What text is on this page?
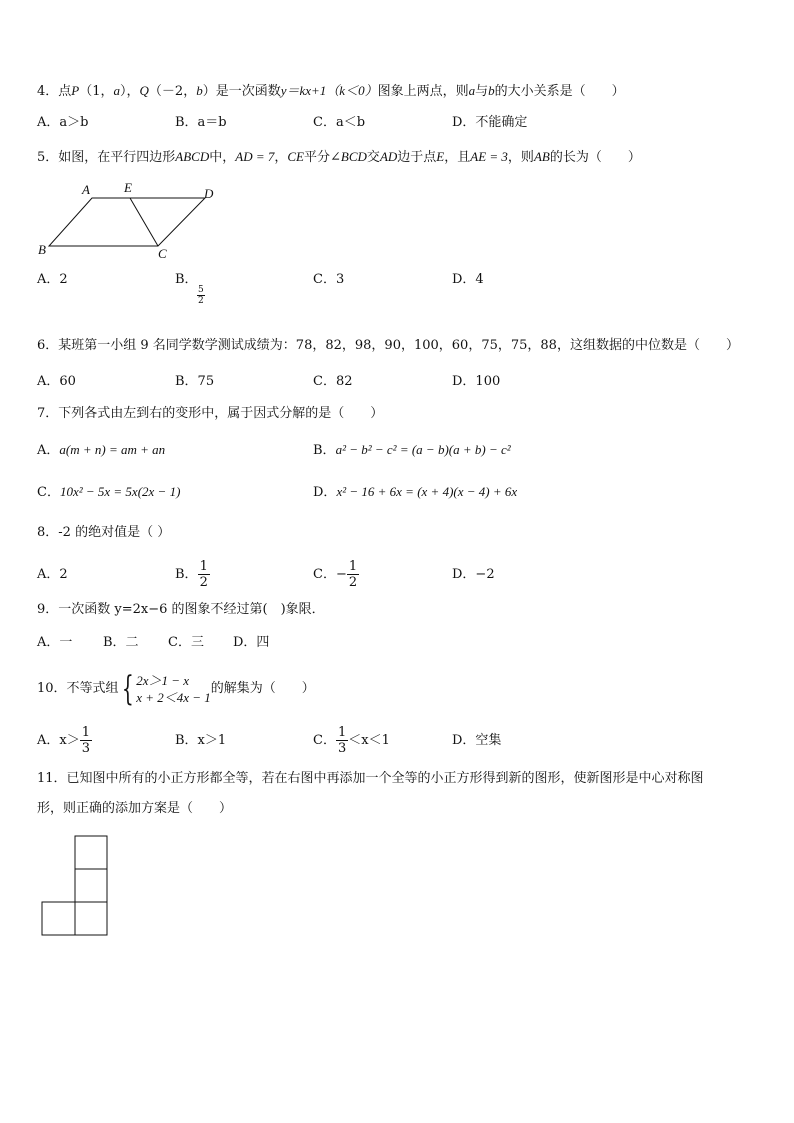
4．点P（1，a），Q（－2，b）是一次函数y＝kx+1（k＜0）图象上两点，则a与b的大小关系是（　　）
A．a＞b	B．a＝b	C．a＜b	D．不能确定
5．如图，在平行四边形ABCD中，AD = 7，CE平分∠BCD交AD边于点E，且AE = 3，则AB的长为（　　）
A	E	D
B	C
A．2	B．
$\frac{5}{2}$
C．3	D．4
6．某班第一小组 9 名同学数学测试成绩为：78，82，98，90，100，60，75，75，88，这组数据的中位数是（　　）
A．60	B．75	C．82	D．100
7．下列各式由左到右的变形中，属于因式分解的是（　　）
A．a(m + n) = am + an	B．a² − b² − c² = (a − b)(a + b) − c²
C．10x² − 5x = 5x(2x − 1)	D．x² − 16 + 6x = (x + 4)(x − 4) + 6x
8．-2 的绝对值是（ ）
A．2	B． $\frac{1}{2}$	C．− $\frac{1}{2}$	D．−2
9．一次函数 y=2x−6 的图象不经过第(　)象限．
A．一 B．二 C．三 D．四
10．不等式组{ 2x＞1 − x
x + 2＜4x − 1
的解集为（　　）
A．$x> \frac{1}{3}$	B．x＞1	C． $\frac{1}{3} <x<1$	D．空集
11．已知图中所有的小正方形都全等，若在右图中再添加一个全等的小正方形得到新的图形，使新图形是中心对称图
形，则正确的添加方案是（　　）
